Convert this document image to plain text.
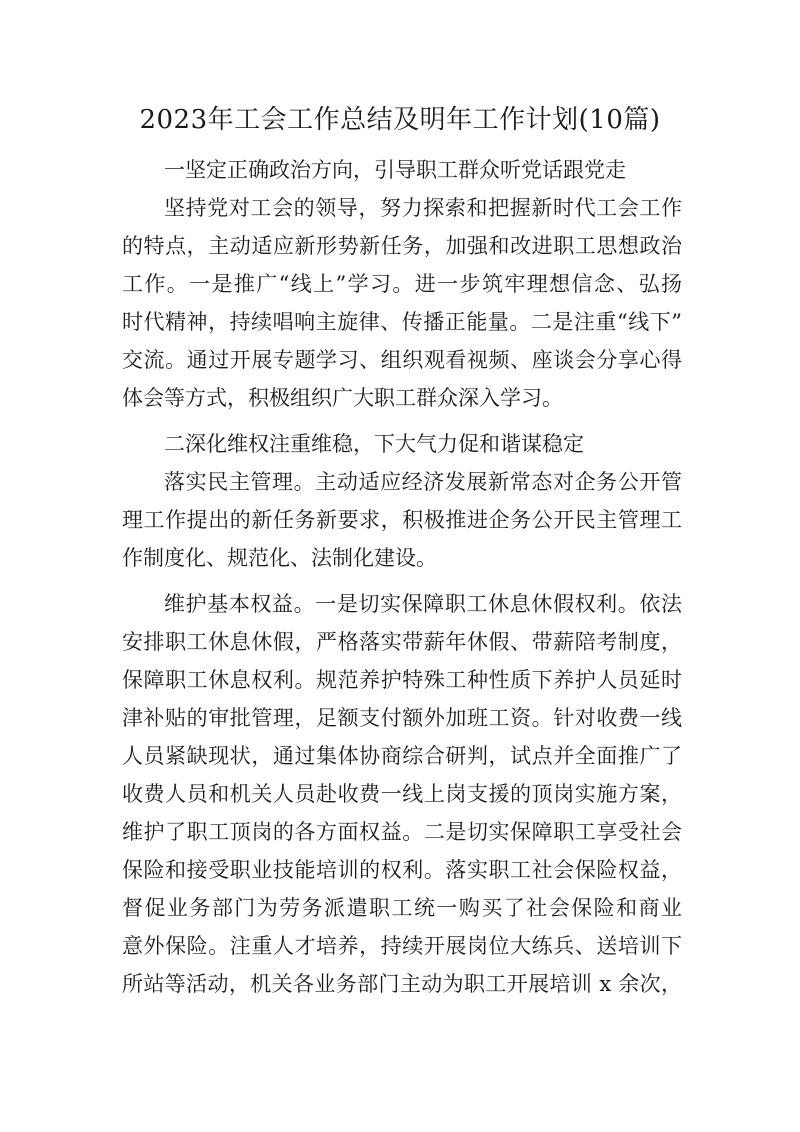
2023年工会工作总结及明年工作计划(10篇)

一坚定正确政治方向，引导职工群众听党话跟党走

坚持党对工会的领导，努力探索和把握新时代工会工作

的特点，主动适应新形势新任务，加强和改进职工思想政治

工作。一是推广“线上”学习。进一步筑牢理想信念、弘扬

时代精神，持续唱响主旋律、传播正能量。二是注重“线下”

交流。通过开展专题学习、组织观看视频、座谈会分享心得

体会等方式，积极组织广大职工群众深入学习。

二深化维权注重维稳，下大气力促和谐谋稳定

落实民主管理。主动适应经济发展新常态对企务公开管

理工作提出的新任务新要求，积极推进企务公开民主管理工

作制度化、规范化、法制化建设。

维护基本权益。一是切实保障职工休息休假权利。依法

安排职工休息休假，严格落实带薪年休假、带薪陪考制度，

保障职工休息权利。规范养护特殊工种性质下养护人员延时

津补贴的审批管理，足额支付额外加班工资。针对收费一线

人员紧缺现状，通过集体协商综合研判，试点并全面推广了

收费人员和机关人员赴收费一线上岗支援的顶岗实施方案，

维护了职工顶岗的各方面权益。二是切实保障职工享受社会

保险和接受职业技能培训的权利。落实职工社会保险权益，

督促业务部门为劳务派遣职工统一购买了社会保险和商业

意外保险。注重人才培养，持续开展岗位大练兵、送培训下

所站等活动，机关各业务部门主动为职工开展培训 x 余次，
